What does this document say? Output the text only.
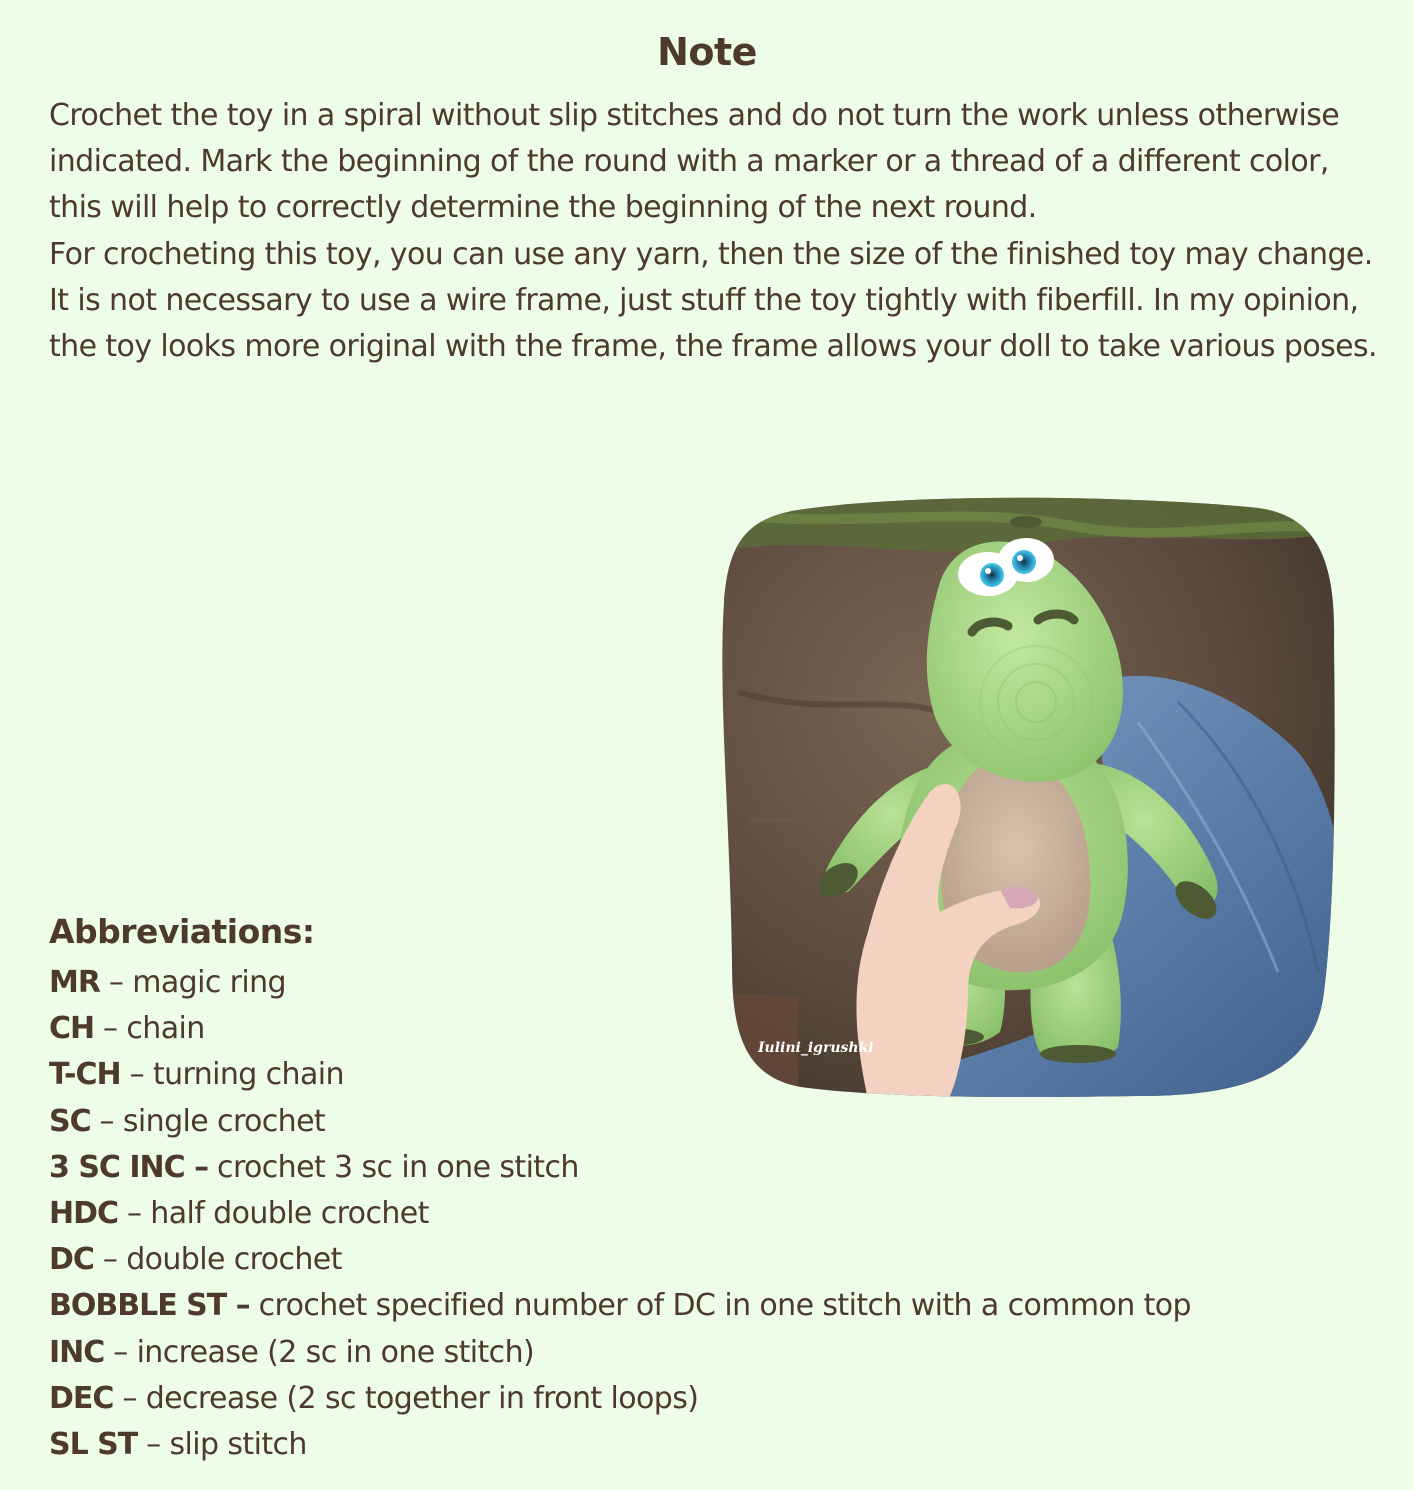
Note

Crochet the toy in a spiral without slip stitches and do not turn the work unless otherwise indicated. Mark the beginning of the round with a marker or a thread of a different color, this will help to correctly determine the beginning of the next round.

For crocheting this toy, you can use any yarn, then the size of the finished toy may change. It is not necessary to use a wire frame, just stuff the toy tightly with fiberfill. In my opinion, the toy looks more original with the frame, the frame allows your doll to take various poses.

Iulini_igrushki
Abbreviations:
MR – magic ring
CH – chain
T-CH – turning chain
SC – single crochet
3 SC INC – crochet 3 sc in one stitch
HDC – half double crochet
DC – double crochet
BOBBLE ST – crochet specified number of DC in one stitch with a common top
INC – increase (2 sc in one stitch)
DEC – decrease (2 sc together in front loops)
SL ST – slip stitch
